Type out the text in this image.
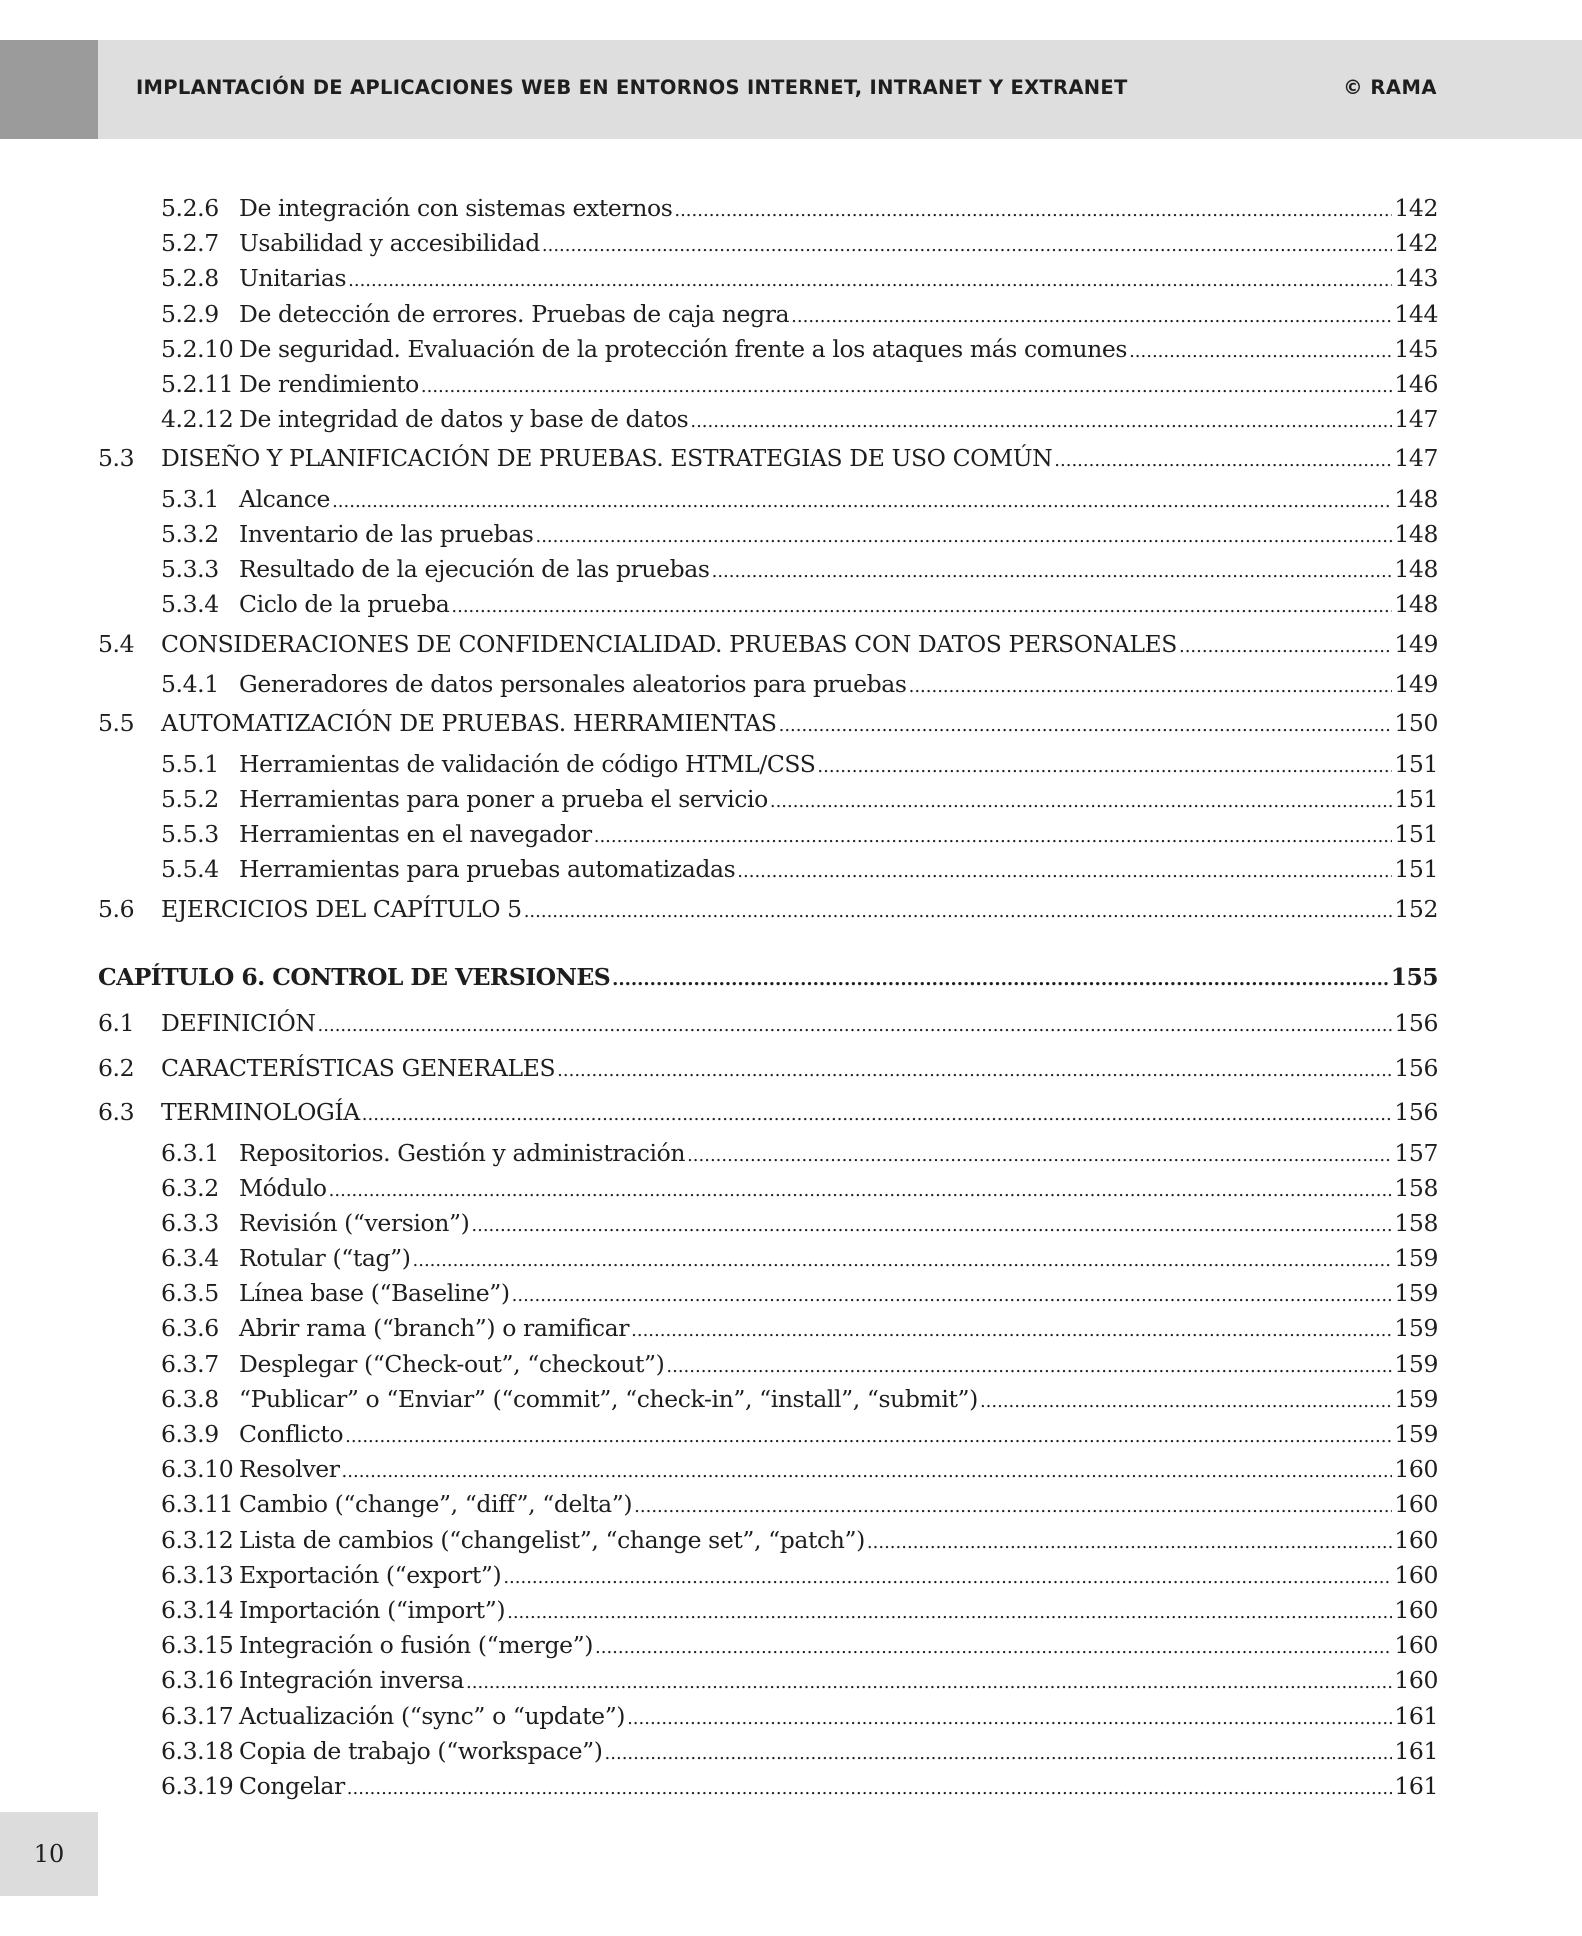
IMPLANTACIÓN DE APLICACIONES WEB EN ENTORNOS INTERNET, INTRANET Y EXTRANET	© RAMA
5.2.6 De integración con sistemas externos .....	142
5.2.7 Usabilidad y accesibilidad .....	142
5.2.8 Unitarias .....	143
5.2.9 De detección de errores. Pruebas de caja negra .....	144
5.2.10 De seguridad. Evaluación de la protección frente a los ataques más comunes .....	145
5.2.11 De rendimiento .....	146
4.2.12 De integridad de datos y base de datos .....	147
5.3	DISEÑO Y PLANIFICACIÓN DE PRUEBAS. ESTRATEGIAS DE USO COMÚN .....	147
5.3.1 Alcance .....	148
5.3.2 Inventario de las pruebas .....	148
5.3.3 Resultado de la ejecución de las pruebas .....	148
5.3.4 Ciclo de la prueba .....	148
5.4	CONSIDERACIONES DE CONFIDENCIALIDAD. PRUEBAS CON DATOS PERSONALES .....	149
5.4.1 Generadores de datos personales aleatorios para pruebas .....	149
5.5	AUTOMATIZACIÓN DE PRUEBAS. HERRAMIENTAS .....	150
5.5.1 Herramientas de validación de código HTML/CSS .....	151
5.5.2 Herramientas para poner a prueba el servicio .....	151
5.5.3 Herramientas en el navegador .....	151
5.5.4 Herramientas para pruebas automatizadas .....	151
5.6	EJERCICIOS DEL CAPÍTULO 5 .....	152
CAPÍTULO 6. CONTROL DE VERSIONES .....	155
6.1	DEFINICIÓN .....	156
6.2	CARACTERÍSTICAS GENERALES .....	156
6.3	TERMINOLOGÍA .....	156
6.3.1 Repositorios. Gestión y administración .....	157
6.3.2 Módulo .....	158
6.3.3 Revisión (“version”) .....	158
6.3.4 Rotular (“tag”) .....	159
6.3.5 Línea base (“Baseline”) .....	159
6.3.6 Abrir rama (“branch”) o ramificar .....	159
6.3.7 Desplegar (“Check-out”, “checkout”) .....	159
6.3.8 “Publicar” o “Enviar” (“commit”, “check-in”, “install”, “submit”) .....	159
6.3.9 Conflicto .....	159
6.3.10 Resolver .....	160
6.3.11 Cambio (“change”, “diff”, “delta”) .....	160
6.3.12 Lista de cambios (“changelist”, “change set”, “patch”) .....	160
6.3.13 Exportación (“export”) .....	160
6.3.14 Importación (“import”) .....	160
6.3.15 Integración o fusión (“merge”) .....	160
6.3.16 Integración inversa .....	160
6.3.17 Actualización (“sync” o “update”) .....	161
6.3.18 Copia de trabajo (“workspace”) .....	161
6.3.19 Congelar .....	161
10
